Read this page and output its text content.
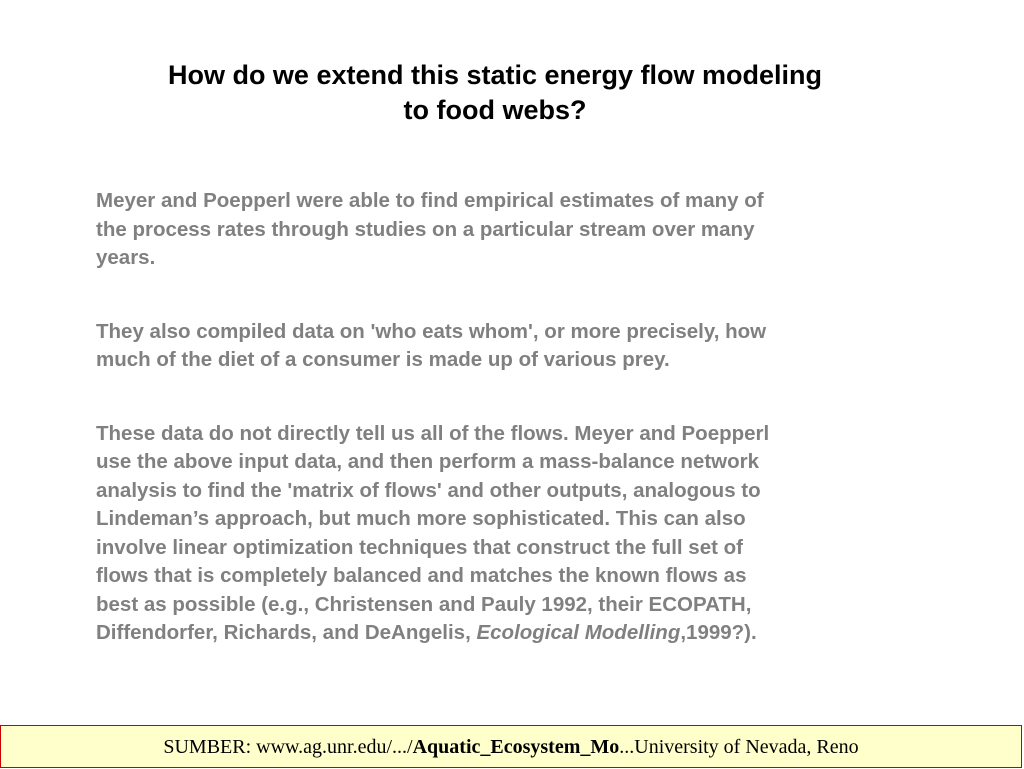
How do we extend this static energy flow modeling
to food webs?

Meyer and Poepperl were able to find empirical estimates of many of
the process rates through studies on a particular stream over many
years.

They also compiled data on 'who eats whom', or more precisely, how
much of the diet of a consumer is made up of various prey.

These data do not directly tell us all of the flows. Meyer and Poepperl
use the above input data, and then perform a mass-balance network
analysis to find the 'matrix of flows' and other outputs, analogous to
Lindeman’s approach, but much more sophisticated. This can also
involve linear optimization techniques that construct the full set of
flows that is completely balanced and matches the known flows as
best as possible (e.g., Christensen and Pauly 1992, their ECOPATH,
Diffendorfer, Richards, and DeAngelis, Ecological Modelling,1999?).

SUMBER: www.ag.unr.edu/.../Aquatic_Ecosystem_Mo...University of Nevada, Reno
